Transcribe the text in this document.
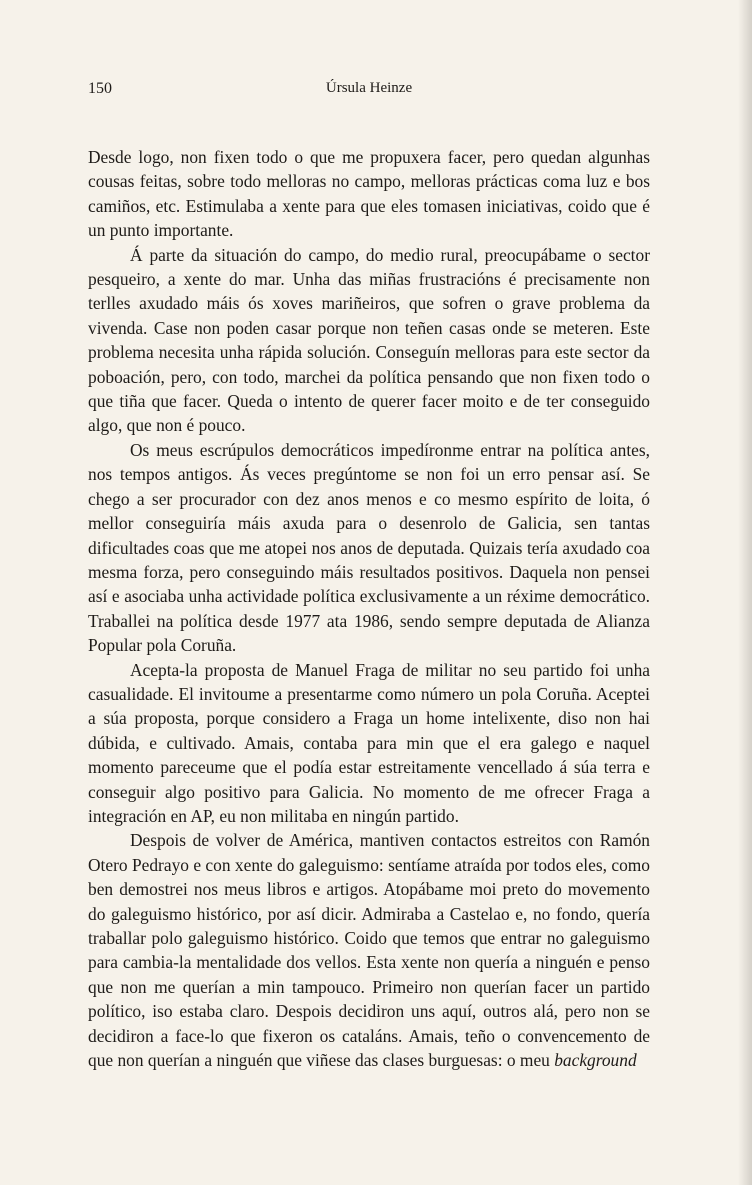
150	Úrsula Heinze

Desde logo, non fixen todo o que me propuxera facer, pero quedan algunhas cousas feitas, sobre todo melloras no campo, melloras prácticas coma luz e bos camiños, etc. Estimulaba a xente para que eles tomasen iniciativas, coido que é un punto importante.

Á parte da situación do campo, do medio rural, preocupábame o sector pesqueiro, a xente do mar. Unha das miñas frustracións é precisamente non terlles axudado máis ós xoves mariñeiros, que sofren o grave problema da vivenda. Case non poden casar porque non teñen casas onde se meteren. Este problema necesita unha rápida solución. Conseguín melloras para este sector da poboación, pero, con todo, marchei da política pensando que non fixen todo o que tiña que facer. Queda o intento de querer facer moito e de ter conseguido algo, que non é pouco.

Os meus escrúpulos democráticos impedíronme entrar na política antes, nos tempos antigos. Ás veces pregúntome se non foi un erro pensar así. Se chego a ser procurador con dez anos menos e co mesmo espírito de loita, ó mellor conseguiría máis axuda para o desenrolo de Galicia, sen tantas dificultades coas que me atopei nos anos de deputada. Quizais tería axudado coa mesma forza, pero conseguindo máis resultados positivos. Daquela non pensei así e asociaba unha actividade política exclusivamente a un réxime democrático. Traballei na política desde 1977 ata 1986, sendo sempre deputada de Alianza Popular pola Coruña.

Acepta-la proposta de Manuel Fraga de militar no seu partido foi unha casualidade. El invitoume a presentarme como número un pola Coruña. Aceptei a súa proposta, porque considero a Fraga un home intelixente, diso non hai dúbida, e cultivado. Amais, contaba para min que el era galego e naquel momento pareceume que el podía estar estreitamente vencellado á súa terra e conseguir algo positivo para Galicia. No momento de me ofrecer Fraga a integración en AP, eu non militaba en ningún partido.

Despois de volver de América, mantiven contactos estreitos con Ramón Otero Pedrayo e con xente do galeguismo: sentíame atraída por todos eles, como ben demostrei nos meus libros e artigos. Atopábame moi preto do movemento do galeguismo histórico, por así dicir. Admiraba a Castelao e, no fondo, quería traballar polo galeguismo histórico. Coido que temos que entrar no galeguismo para cambia-la mentalidade dos vellos. Esta xente non quería a ninguén e penso que non me querían a min tampouco. Primeiro non querían facer un partido político, iso estaba claro. Despois decidiron uns aquí, outros alá, pero non se decidiron a face-lo que fixeron os cataláns. Amais, teño o convencemento de que non querían a ninguén que viñese das clases burguesas: o meu background
